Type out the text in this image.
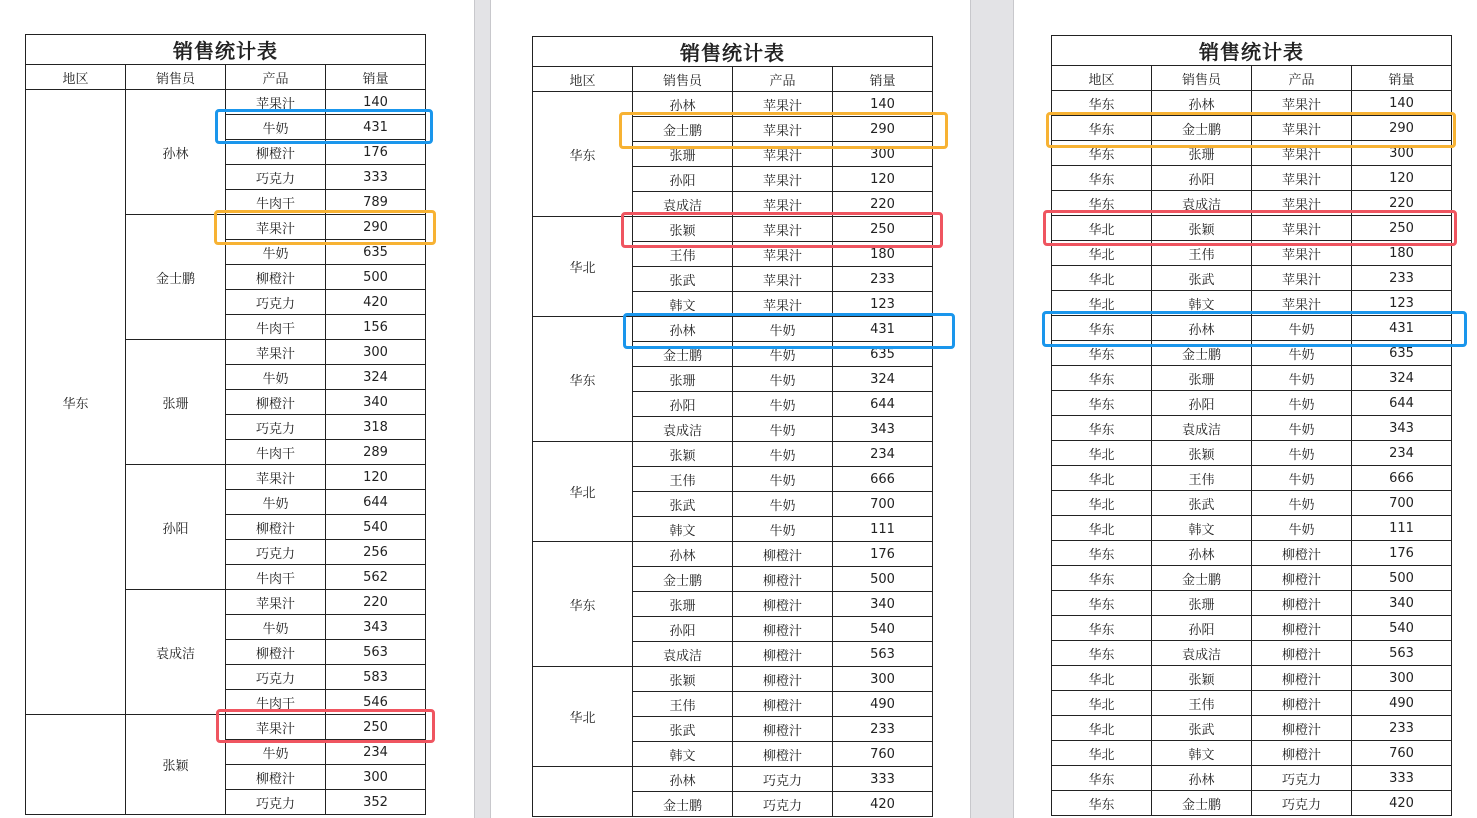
销售统计表			
地区	销售员	产品	销量
华东	孙林	苹果汁	140
		牛奶	431
		柳橙汁	176
		巧克力	333
		牛肉干	789
	金士鹏	苹果汁	290
		牛奶	635
		柳橙汁	500
		巧克力	420
		牛肉干	156
	张珊	苹果汁	300
		牛奶	324
		柳橙汁	340
		巧克力	318
		牛肉干	289
	孙阳	苹果汁	120
		牛奶	644
		柳橙汁	540
		巧克力	256
		牛肉干	562
	袁成洁	苹果汁	220
		牛奶	343
		柳橙汁	563
		巧克力	583
		牛肉干	546
	张颖	苹果汁	250
		牛奶	234
		柳橙汁	300
		巧克力	352
销售统计表			
地区	销售员	产品	销量
华东	孙林	苹果汁	140
	金士鹏	苹果汁	290
	张珊	苹果汁	300
	孙阳	苹果汁	120
	袁成洁	苹果汁	220
华北	张颖	苹果汁	250
	王伟	苹果汁	180
	张武	苹果汁	233
	韩文	苹果汁	123
华东	孙林	牛奶	431
	金士鹏	牛奶	635
	张珊	牛奶	324
	孙阳	牛奶	644
	袁成洁	牛奶	343
华北	张颖	牛奶	234
	王伟	牛奶	666
	张武	牛奶	700
	韩文	牛奶	111
华东	孙林	柳橙汁	176
	金士鹏	柳橙汁	500
	张珊	柳橙汁	340
	孙阳	柳橙汁	540
	袁成洁	柳橙汁	563
华北	张颖	柳橙汁	300
	王伟	柳橙汁	490
	张武	柳橙汁	233
	韩文	柳橙汁	760
	孙林	巧克力	333
	金士鹏	巧克力	420
销售统计表			
地区	销售员	产品	销量
华东	孙林	苹果汁	140
华东	金士鹏	苹果汁	290
华东	张珊	苹果汁	300
华东	孙阳	苹果汁	120
华东	袁成洁	苹果汁	220
华北	张颖	苹果汁	250
华北	王伟	苹果汁	180
华北	张武	苹果汁	233
华北	韩文	苹果汁	123
华东	孙林	牛奶	431
华东	金士鹏	牛奶	635
华东	张珊	牛奶	324
华东	孙阳	牛奶	644
华东	袁成洁	牛奶	343
华北	张颖	牛奶	234
华北	王伟	牛奶	666
华北	张武	牛奶	700
华北	韩文	牛奶	111
华东	孙林	柳橙汁	176
华东	金士鹏	柳橙汁	500
华东	张珊	柳橙汁	340
华东	孙阳	柳橙汁	540
华东	袁成洁	柳橙汁	563
华北	张颖	柳橙汁	300
华北	王伟	柳橙汁	490
华北	张武	柳橙汁	233
华北	韩文	柳橙汁	760
华东	孙林	巧克力	333
华东	金士鹏	巧克力	420
